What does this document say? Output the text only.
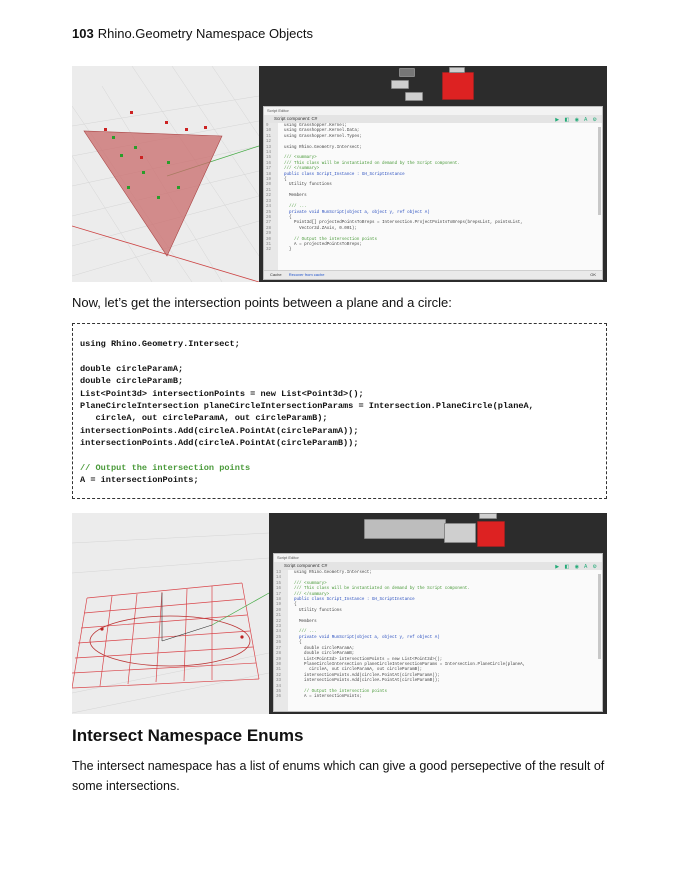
103 Rhino.Geometry Namespace Objects
Script Editor
Script component: C#	▶ ◧ ◉ A ⚙
9
10
11
12
13
14
15
16
17
18
19
20
21
22
23
24
25
26
27
28
29
30
31
32
using Grasshopper.Kernel;
using Grasshopper.Kernel.Data;
using Grasshopper.Kernel.Types;

using Rhino.Geometry.Intersect;

/// <summary>
/// This class will be instantiated on demand by the Script component.
/// </summary>
public class Script_Instance : GH_ScriptInstance
{
Utility functions

Members

/// ...
private void RunScript(object a, object y, ref object A)
{
Point3d[] projectedPointsToBreps = Intersection.ProjectPointsToBreps(brepsList, pointsList,
Vector3d.ZAxis, 0.001);

// Output the intersection points
A = projectedPointsToBreps;
}
Cache Recover from cache	OK
Now, let’s get the intersection points between a plane and a circle:
using Rhino.Geometry.Intersect;
double circleParamA;
double circleParamB;
List<Point3d> intersectionPoints = new List<Point3d>();
PlaneCircleIntersection planeCircleIntersectionParams = Intersection.PlaneCircle(planeA,
circleA, out circleParamA, out circleParamB);
intersectionPoints.Add(circleA.PointAt(circleParamA));
intersectionPoints.Add(circleA.PointAt(circleParamB));
// Output the intersection points
A = intersectionPoints;
Script Editor
Script component: C#	▶ ◧ ◉ A ⚙
13
14
15
16
17
18
19
20
21
22
23
24
25
26
27
28
29
30
31
32
33
34
35
36
using Rhino.Geometry.Intersect;

/// <summary>
/// This class will be instantiated on demand by the Script component.
/// </summary>
public class Script_Instance : GH_ScriptInstance
{
Utility functions

Members

/// ...
private void RunScript(object a, object y, ref object A)
{
double circleParamA;
double circleParamB;
List<Point3d> intersectionPoints = new List<Point3d>();
PlaneCircleIntersection planeCircleIntersectionParams = Intersection.PlaneCircle(planeA,
circleA, out circleParamA, out circleParamB);
intersectionPoints.Add(circleA.PointAt(circleParamA));
intersectionPoints.Add(circleA.PointAt(circleParamB));

// Output the intersection points
A = intersectionPoints;
Intersect Namespace Enums
The intersect namespace has a list of enums which can give a good persepective of the result of some intersections.
